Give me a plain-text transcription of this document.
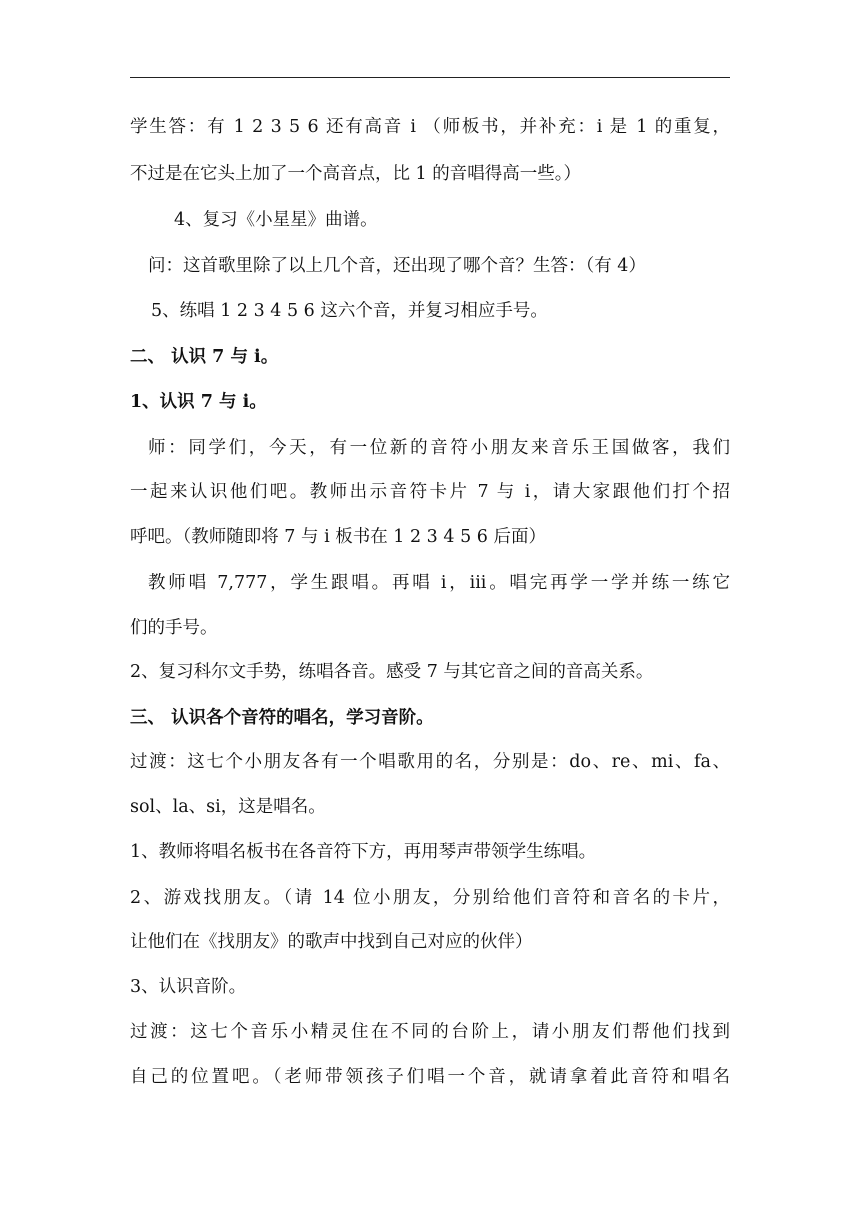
学生答：有 1 2 3 5 6 还有高音 i （师板书，并补充：i 是 1 的重复，
不过是在它头上加了一个高音点，比 1 的音唱得高一些。）
4、复习《小星星》曲谱。
问：这首歌里除了以上几个音，还出现了哪个音？生答：（有 4）
5、练唱 1 2 3 4 5 6 这六个音，并复习相应手号。
二、 认识 7 与 i。
1、认识 7 与 i。
师：同学们，今天，有一位新的音符小朋友来音乐王国做客，我们
一起来认识他们吧。教师出示音符卡片 7 与 i，请大家跟他们打个招
呼吧。（教师随即将 7 与 i 板书在 1 2 3 4 5 6 后面）
教师唱 7,777，学生跟唱。再唱 i，iii。唱完再学一学并练一练它
们的手号。
2、复习科尔文手势，练唱各音。感受 7 与其它音之间的音高关系。
三、 认识各个音符的唱名，学习音阶。
过渡：这七个小朋友各有一个唱歌用的名，分别是：do、re、mi、fa、
sol、la、si，这是唱名。
1、教师将唱名板书在各音符下方，再用琴声带领学生练唱。
2、游戏找朋友。（请 14 位小朋友，分别给他们音符和音名的卡片，
让他们在《找朋友》的歌声中找到自己对应的伙伴）
3、认识音阶。
过渡：这七个音乐小精灵住在不同的台阶上，请小朋友们帮他们找到
自己的位置吧。（老师带领孩子们唱一个音，就请拿着此音符和唱名
